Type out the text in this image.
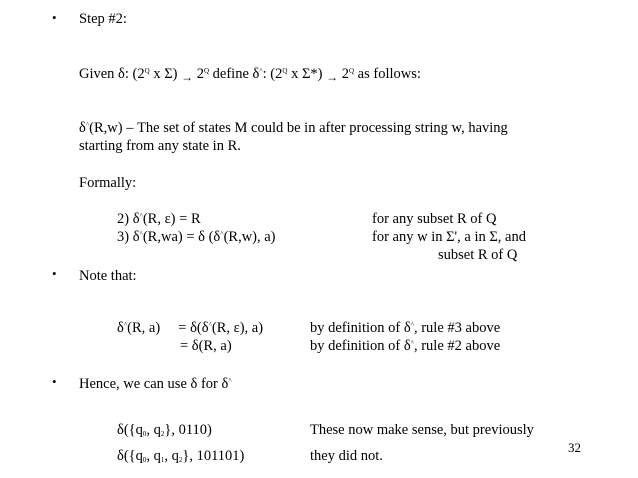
• Step #2:
Given δ: ($2^Q$ x $\Sigma) \to 2^Q$ define δ^: ($2^Q$ x $\Sigma*) \to 2^Q$ as follows:
δ^(R,w) – The set of states M could be in after processing string w, having
starting from any state in R.
Formally:
2) δ^(R, ε) = R	for any subset R of Q
3) δ^(R,wa) = δ (δ^(R,w), a)	for any w in Σ', a in Σ, and
subset R of Q
• Note that:
δ^(R, a)     = δ(δ^(R, ε), a)	by definition of δ^, rule #3 above
= δ(R, a)	by definition of δ^, rule #2 above
• Hence, we can use δ for δ^
$\delta(\{q_0$, $q_2$}, 0110)	These now make sense, but previously
$\delta(\{q_0$, $q_1$, $q_2$}, 101101)	they did not.
32
